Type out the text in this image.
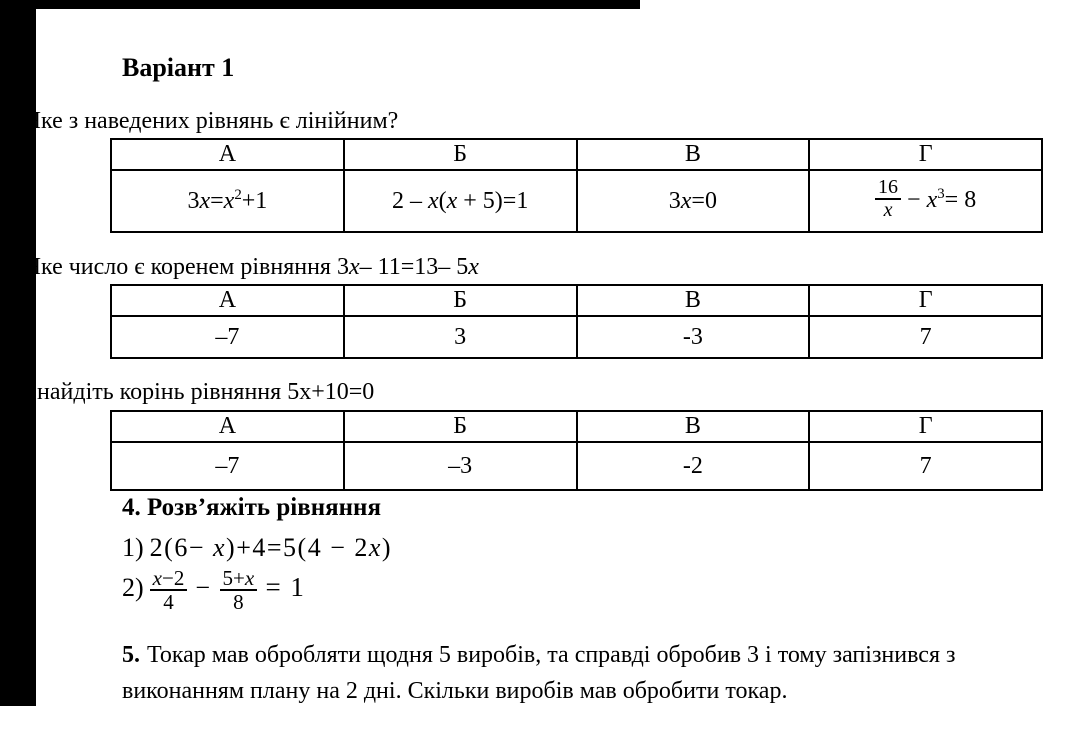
Варіант 1

1. Яке з наведених рівнянь є лінійним?

А	Б	В	Г
$3x=x^2+1$	2 – x(x + 5)=1	3x=0	$\frac{16}{x} - x^3= 8$

2. Яке число є коренем рівняння 3x– 11=13– 5x

А	Б	В	Г
–7	3	-3	7

3. Знайдіть корінь рівняння 5х+10=0

А	Б	В	Г
–7	–3	-2	7

4. Розв’яжіть рівняння

1) 2(6− x)+4=5(4 − 2x)

$2) \frac{x-2}{4} - \frac{5+x}{8} = 1$

5. Токар мав обробляти щодня 5 виробів, та справді обробив 3 і тому запізнився з виконанням плану на 2 дні. Скільки виробів мав обробити токар.
